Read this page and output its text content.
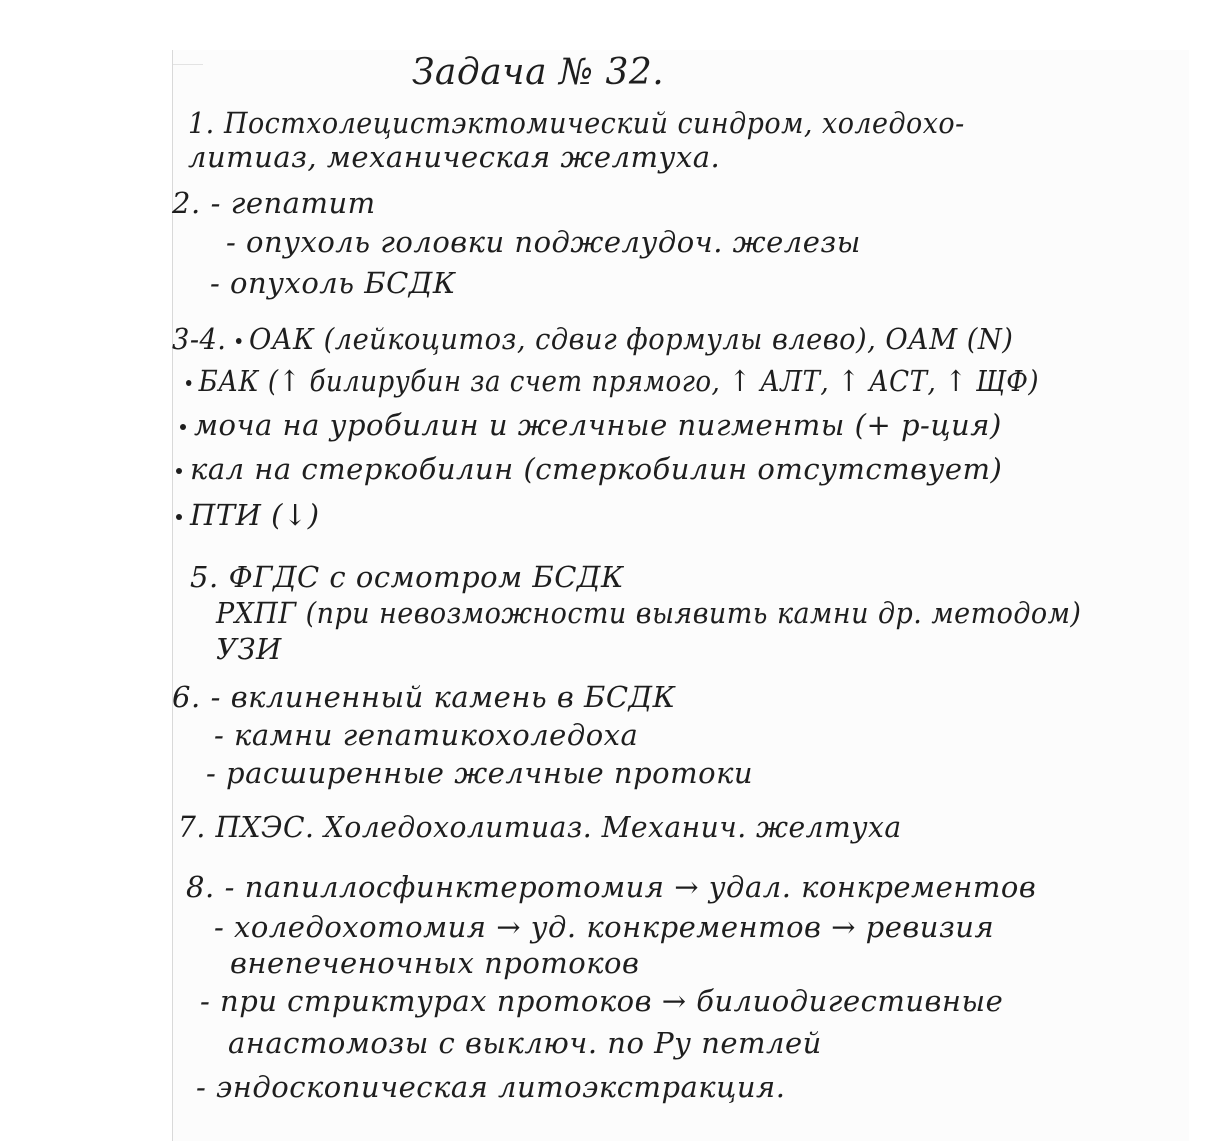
Задача № 32.
1. Постхолецистэктомический синдром, холедохо-
литиаз, механическая желтуха.
2. - гепатит
- опухоль головки поджелудоч. железы
- опухоль БСДК
3-4. ОАК (лейкоцитоз, сдвиг формулы влево), ОАМ (N)
БАК (↑ билирубин за счет прямого, ↑ АЛТ, ↑ АСТ, ↑ ЩФ)
моча на уробилин и желчные пигменты (+ р-ция)
кал на стеркобилин (стеркобилин отсутствует)
ПТИ (↓)
5. ФГДС с осмотром БСДК
РХПГ (при невозможности выявить камни др. методом)
УЗИ
6. - вклиненный камень в БСДК
- камни гепатикохоледоха
- расширенные желчные протоки
7. ПХЭС. Холедохолитиаз. Механич. желтуха
8. - папиллосфинктеротомия → удал. конкрементов
- холедохотомия → уд. конкрементов → ревизия
внепеченочных протоков
- при стриктурах протоков → билиодигестивные
анастомозы с выключ. по Ру петлей
- эндоскопическая литоэкстракция.
